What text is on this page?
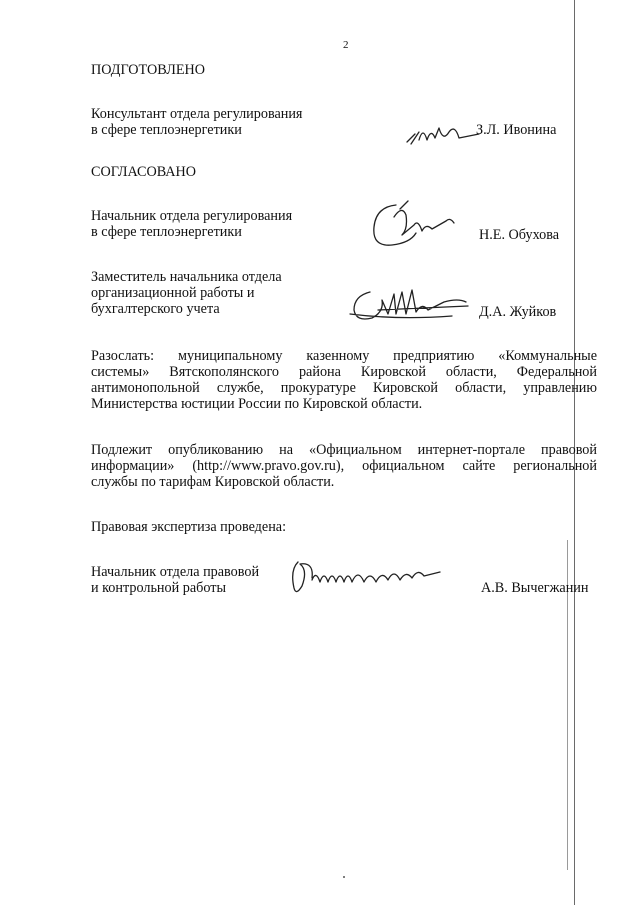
2
ПОДГОТОВЛЕНО
Консультант отдела регулирования
в сфере теплоэнергетики	З.Л. Ивонина
СОГЛАСОВАНО
Начальник отдела регулирования
в сфере теплоэнергетики	Н.Е. Обухова
Заместитель начальника отдела
организационной работы и
бухгалтерского учета	Д.А. Жуйков

Разослать: муниципальному казенному предприятию «Коммунальные

системы» Вятскополянского района Кировской области, Федеральной

антимонопольной службе, прокуратуре Кировской области, управлению

Министерства юстиции России по Кировской области.

Подлежит опубликованию на «Официальном интернет-портале правовой

информации» (http://www.pravo.gov.ru), официальном сайте региональной

службы по тарифам Кировской области.

Правовая экспертиза проведена:
Начальник отдела правовой
и контрольной работы	А.В. Вычегжанин
